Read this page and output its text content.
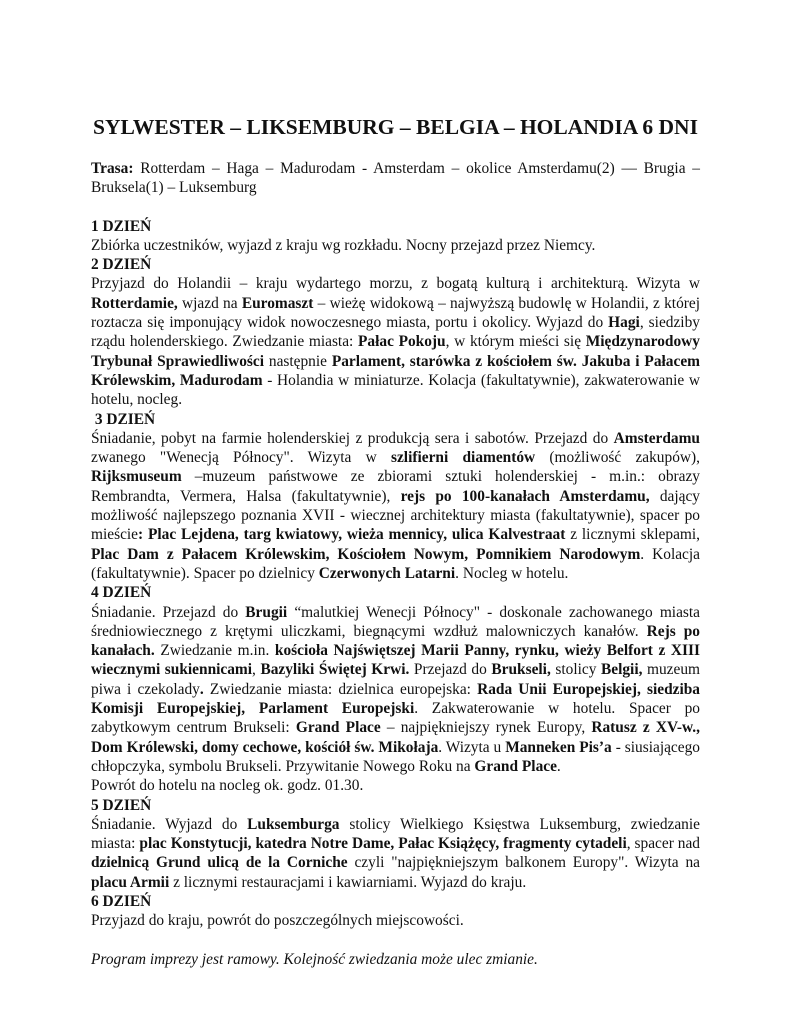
SYLWESTER – LIKSEMBURG – BELGIA – HOLANDIA 6 DNI
Trasa: Rotterdam – Haga – Madurodam - Amsterdam – okolice Amsterdamu(2) — Brugia – Bruksela(1) – Luksemburg
1 DZIEŃ
Zbiórka uczestników, wyjazd z kraju wg rozkładu. Nocny przejazd przez Niemcy.
2 DZIEŃ
Przyjazd do Holandii – kraju wydartego morzu, z bogatą kulturą i architekturą. Wizyta w Rotterdamie, wjazd na Euromaszt – wieżę widokową – najwyższą budowlę w Holandii, z której roztacza się imponujący widok nowoczesnego miasta, portu i okolicy. Wyjazd do Hagi, siedziby rządu holenderskiego. Zwiedzanie miasta: Pałac Pokoju, w którym mieści się Międzynarodowy Trybunał Sprawiedliwości następnie Parlament, starówka z kościołem św. Jakuba i Pałacem Królewskim, Madurodam - Holandia w miniaturze. Kolacja (fakultatywnie), zakwaterowanie w hotelu, nocleg.
3 DZIEŃ
Śniadanie, pobyt na farmie holenderskiej z produkcją sera i sabotów. Przejazd do Amsterdamu zwanego "Wenecją Północy". Wizyta w szlifierni diamentów (możliwość zakupów), Rijksmuseum –muzeum państwowe ze zbiorami sztuki holenderskiej - m.in.: obrazy Rembrandta, Vermera, Halsa (fakultatywnie), rejs po 100-kanałach Amsterdamu, dający możliwość najlepszego poznania XVII - wiecznej architektury miasta (fakultatywnie), spacer po mieście: Plac Lejdena, targ kwiatowy, wieża mennicy, ulica Kalvestraat z licznymi sklepami, Plac Dam z Pałacem Królewskim, Kościołem Nowym, Pomnikiem Narodowym. Kolacja (fakultatywnie). Spacer po dzielnicy Czerwonych Latarni. Nocleg w hotelu.
4 DZIEŃ
Śniadanie. Przejazd do Brugii “malutkiej Wenecji Północy" - doskonale zachowanego miasta średniowiecznego z krętymi uliczkami, biegnącymi wzdłuż malowniczych kanałów. Rejs po kanałach. Zwiedzanie m.in. kościoła Najświętszej Marii Panny, rynku, wieży Belfort z XIII wiecznymi sukiennicami, Bazyliki Świętej Krwi. Przejazd do Brukseli, stolicy Belgii, muzeum piwa i czekolady. Zwiedzanie miasta: dzielnica europejska: Rada Unii Europejskiej, siedziba Komisji Europejskiej, Parlament Europejski. Zakwaterowanie w hotelu. Spacer po zabytkowym centrum Brukseli: Grand Place – najpiękniejszy rynek Europy, Ratusz z XV-w., Dom Królewski, domy cechowe, kościół św. Mikołaja. Wizyta u Manneken Pis’a - siusiającego chłopczyka, symbolu Brukseli. Przywitanie Nowego Roku na Grand Place.
Powrót do hotelu na nocleg ok. godz. 01.30.
5 DZIEŃ
Śniadanie. Wyjazd do Luksemburga stolicy Wielkiego Księstwa Luksemburg, zwiedzanie miasta: plac Konstytucji, katedra Notre Dame, Pałac Książęcy, fragmenty cytadeli, spacer nad dzielnicą Grund ulicą de la Corniche czyli "najpiękniejszym balkonem Europy". Wizyta na placu Armii z licznymi restauracjami i kawiarniami. Wyjazd do kraju.
6 DZIEŃ
Przyjazd do kraju, powrót do poszczególnych miejscowości.
Program imprezy jest ramowy. Kolejność zwiedzania może ulec zmianie.
